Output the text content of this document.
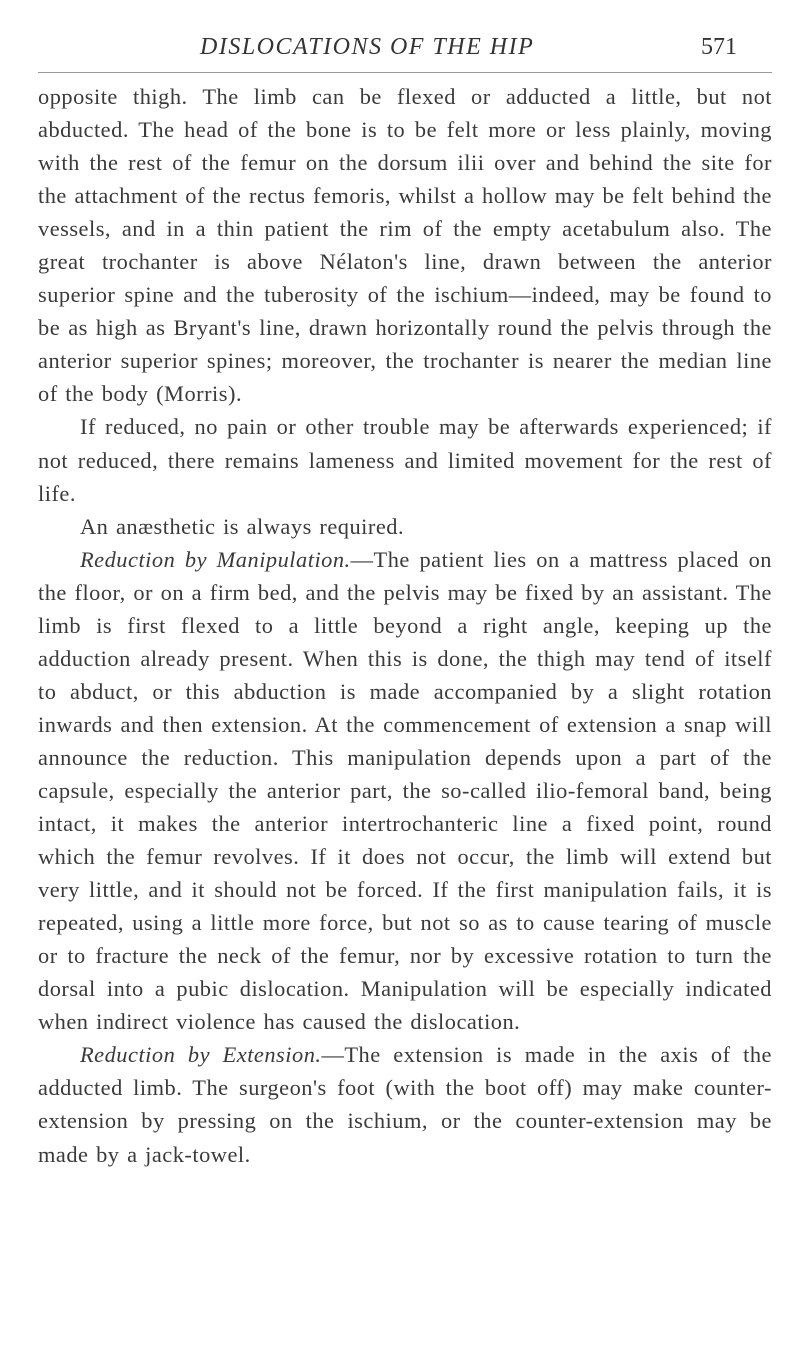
DISLOCATIONS OF THE HIP	571

opposite thigh. The limb can be flexed or adducted a little, but not abducted. The head of the bone is to be felt more or less plainly, moving with the rest of the femur on the dorsum ilii over and behind the site for the attachment of the rectus femoris, whilst a hollow may be felt behind the vessels, and in a thin patient the rim of the empty acetabulum also. The great trochanter is above Nélaton's line, drawn between the anterior superior spine and the tuberosity of the ischium—indeed, may be found to be as high as Bryant's line, drawn horizontally round the pelvis through the anterior superior spines; moreover, the trochanter is nearer the median line of the body (Morris).

If reduced, no pain or other trouble may be afterwards experienced; if not reduced, there remains lameness and limited movement for the rest of life.

An anæsthetic is always required.

Reduction by Manipulation.—The patient lies on a mattress placed on the floor, or on a firm bed, and the pelvis may be fixed by an assistant. The limb is first flexed to a little beyond a right angle, keeping up the adduction already present. When this is done, the thigh may tend of itself to abduct, or this abduction is made accompanied by a slight rotation inwards and then extension. At the commencement of extension a snap will announce the reduction. This manipulation depends upon a part of the capsule, especially the anterior part, the so-called ilio-femoral band, being intact, it makes the anterior intertrochanteric line a fixed point, round which the femur revolves. If it does not occur, the limb will extend but very little, and it should not be forced. If the first manipulation fails, it is repeated, using a little more force, but not so as to cause tearing of muscle or to fracture the neck of the femur, nor by excessive rotation to turn the dorsal into a pubic dislocation. Manipulation will be especially indicated when indirect violence has caused the dislocation.

Reduction by Extension.—The extension is made in the axis of the adducted limb. The surgeon's foot (with the boot off) may make counter-extension by pressing on the ischium, or the counter-extension may be made by a jack-towel.
